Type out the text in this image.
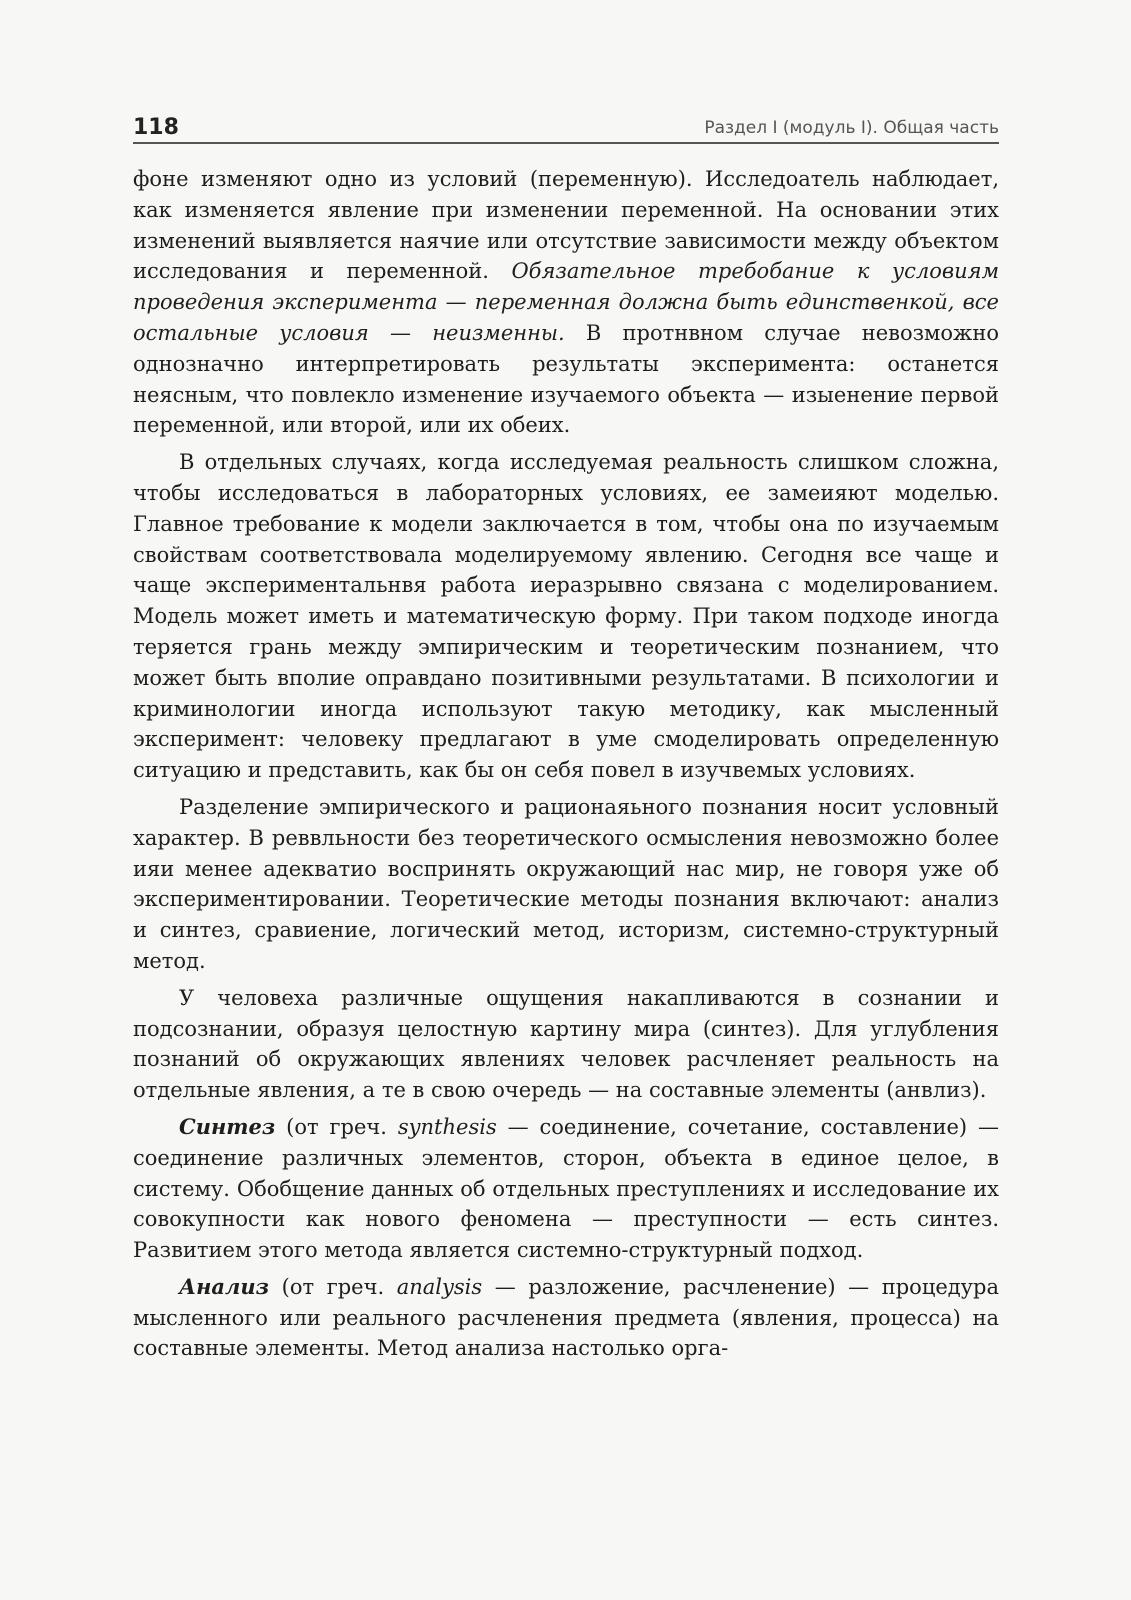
118	Раздел I (модуль I). Общая часть

фоне изменяют одно из условий (переменную). Исследоатель наблюдает, как изменяется явление при изменении переменной. На основании этих изменений выявляется наячие или отсутствие зависимости между объектом исследования и переменной. Обязательное требобание к условиям проведения эксперимента — переменная должна быть единственкой, все остальные условия — неизменны. В протнвном случае невозможно однозначно интерпретировать результаты эксперимента: останется неясным, что повлекло изменение изучаемого объекта — изыенение первой переменной, или второй, или их обеих.

В отдельных случаях, когда исследуемая реальность слишком сложна, чтобы исследоваться в лабораторных условиях, ее замеияют моделью. Главное требование к модели заключается в том, чтобы она по изучаемым свойствам соответствовала моделируемому явлению. Сегодня все чаще и чаще экспериментальнвя работа иеразрывно связана с моделированием. Модель может иметь и математическую форму. При таком подходе иногда теряется грань между эмпирическим и теоретическим познанием, что может быть вполие оправдано позитивными результатами. В психологии и криминологии иногда используют такую методику, как мысленный эксперимент: человеку предлагают в уме смоделировать определенную ситуацию и представить, как бы он себя повел в изучвемых условиях.

Разделение эмпирического и рационаяьного познания носит условный характер. В реввльности без теоретического осмысления невозможно более ияи менее адекватио воспринять окружающий нас мир, не говоря уже об экспериментировании. Теоретические методы познания включают: анализ и синтез, сравиение, логический метод, историзм, системно-структурный метод.

У человеха различные ощущения накапливаются в сознании и подсознании, образуя целостную картину мира (синтез). Для углубления познаний об окружающих явлениях человек расчленяет реальность на отдельные явления, а те в свою очередь — на составные элементы (анвлиз).

Синтез (от греч. synthesis — соединение, сочетание, составление) — соединение различных элементов, сторон, объекта в единое целое, в систему. Обобщение данных об отдельных преступлениях и исследование их совокупности как нового феномена — преступности — есть синтез. Развитием этого метода является системно-структурный подход.

Анализ (от греч. analysis — разложение, расчленение) — процедура мысленного или реального расчленения предмета (явления, процесса) на составные элементы. Метод анализа настолько орга-
